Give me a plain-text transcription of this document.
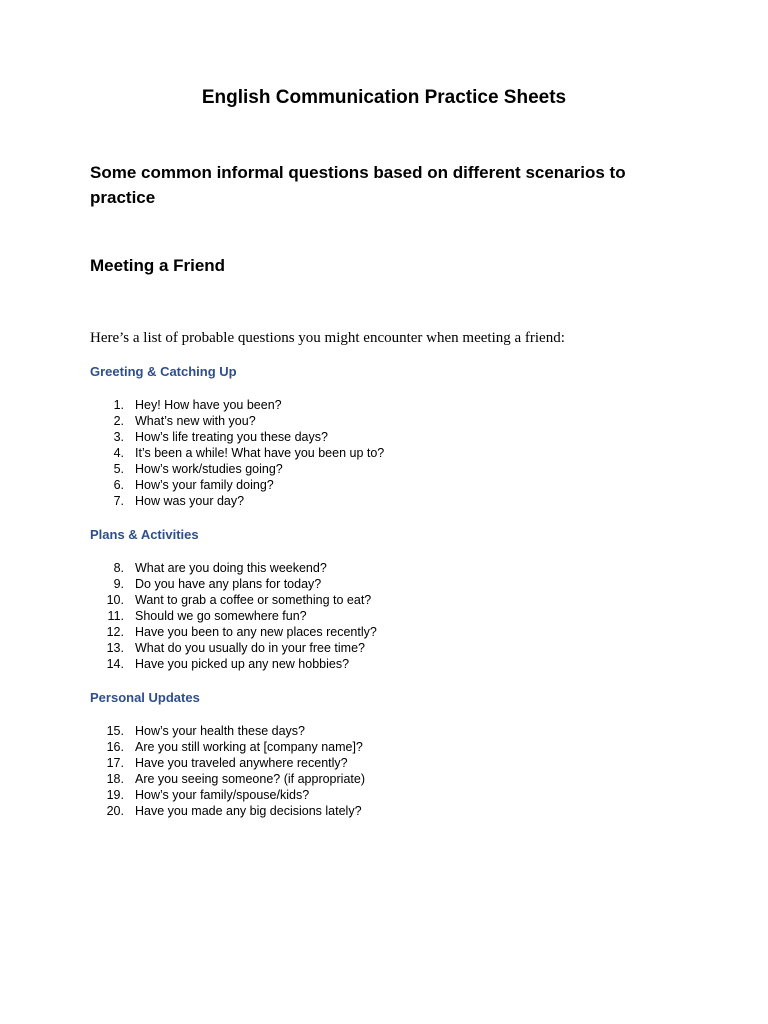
English Communication Practice Sheets
Some common informal questions based on different scenarios to practice
Meeting a Friend

Here’s a list of probable questions you might encounter when meeting a friend:

Greeting & Catching Up
1. Hey! How have you been?
2. What’s new with you?
3. How’s life treating you these days?
4. It’s been a while! What have you been up to?
5. How’s work/studies going?
6. How’s your family doing?
7. How was your day?
Plans & Activities
8. What are you doing this weekend?
9. Do you have any plans for today?
10. Want to grab a coffee or something to eat?
11. Should we go somewhere fun?
12. Have you been to any new places recently?
13. What do you usually do in your free time?
14. Have you picked up any new hobbies?
Personal Updates
15. How’s your health these days?
16. Are you still working at [company name]?
17. Have you traveled anywhere recently?
18. Are you seeing someone? (if appropriate)
19. How’s your family/spouse/kids?
20. Have you made any big decisions lately?
